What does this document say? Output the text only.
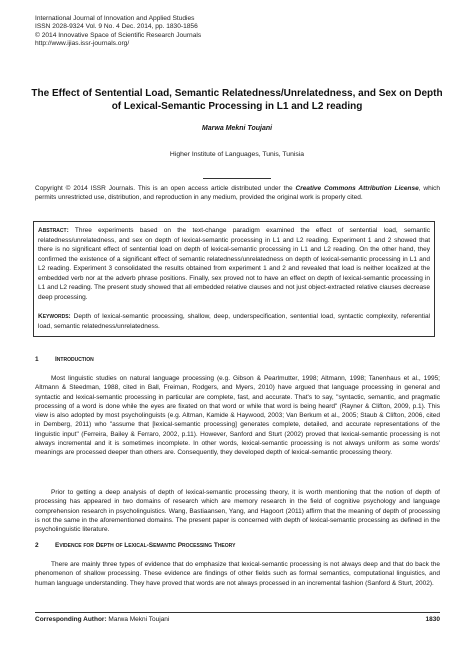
International Journal of Innovation and Applied Studies
ISSN 2028-9324 Vol. 9 No. 4 Dec. 2014, pp. 1830-1856
© 2014 Innovative Space of Scientific Research Journals
http://www.ijias.issr-journals.org/
The Effect of Sentential Load, Semantic Relatedness/Unrelatedness, and Sex on Depth
of Lexical-Semantic Processing in L1 and L2 reading
Marwa Mekni Toujani
Higher Institute of Languages, Tunis, Tunisia
Copyright © 2014 ISSR Journals. This is an open access article distributed under the Creative Commons Attribution License, which permits unrestricted use, distribution, and reproduction in any medium, provided the original work is properly cited.
Abstract: Three experiments based on the text-change paradigm examined the effect of sentential load, semantic relatedness/unrelatedness, and sex on depth of lexical-semantic processing in L1 and L2 reading. Experiment 1 and 2 showed that there is no significant effect of sentential load on depth of lexical-semantic processing in L1 and L2 reading. On the other hand, they confirmed the existence of a significant effect of semantic relatedness/unrelatedness on depth of lexical-semantic processing in L1 and L2 reading. Experiment 3 consolidated the results obtained from experiment 1 and 2 and revealed that load is neither localized at the embedded verb nor at the adverb phrase positions. Finally, sex proved not to have an effect on depth of lexical-semantic processing in L1 and L2 reading. The present study showed that all embedded relative clauses and not just object-extracted relative clauses decrease deep processing.
Keywords: Depth of lexical-semantic processing, shallow, deep, underspecification, sentential load, syntactic complexity, referential load, semantic relatedness/unrelatedness.
1	Introduction
Most linguistic studies on natural language processing (e.g. Gibson & Pearlmutter, 1998; Altmann, 1998; Tanenhaus et al., 1995; Altmann & Steedman, 1988, cited in Ball, Freiman, Rodgers, and Myers, 2010) have argued that language processing in general and syntactic and lexical-semantic processing in particular are complete, fast, and accurate. That's to say, "syntactic, semantic, and pragmatic processing of a word is done while the eyes are fixated on that word or while that word is being heard" (Rayner & Clifton, 2009, p.1). This view is also adopted by most psycholinguists (e.g. Altman, Kamide & Haywood, 2003; Van Berkum et al., 2005; Staub & Clifton, 2006, cited in Demberg, 2011) who "assume that [lexical-semantic processing] generates complete, detailed, and accurate representations of the linguistic input" (Ferreira, Bailey & Ferraro, 2002, p.11). However, Sanford and Sturt (2002) proved that lexical-semantic processing is not always incremental and it is sometimes incomplete. In other words, lexical-semantic processing is not always uniform as some words' meanings are processed deeper than others are. Consequently, they developed depth of lexical-semantic processing theory.
Prior to getting a deep analysis of depth of lexical-semantic processing theory, it is worth mentioning that the notion of depth of processing has appeared in two domains of research which are memory research in the field of cognitive psychology and language comprehension research in psycholinguistics. Wang, Bastiaansen, Yang, and Hagoort (2011) affirm that the meaning of depth of processing is not the same in the aforementioned domains. The present paper is concerned with depth of lexical-semantic processing as defined in the psycholinguistic literature.
2	Evidence for Depth of Lexical-Semantic Processing Theory
There are mainly three types of evidence that do emphasize that lexical-semantic processing is not always deep and that do back the phenomenon of shallow processing. These evidence are findings of other fields such as formal semantics, computational linguistics, and human language understanding. They have proved that words are not always processed in an incremental fashion (Sanford & Sturt, 2002).
Corresponding Author: Marwa Mekni Toujani	1830
